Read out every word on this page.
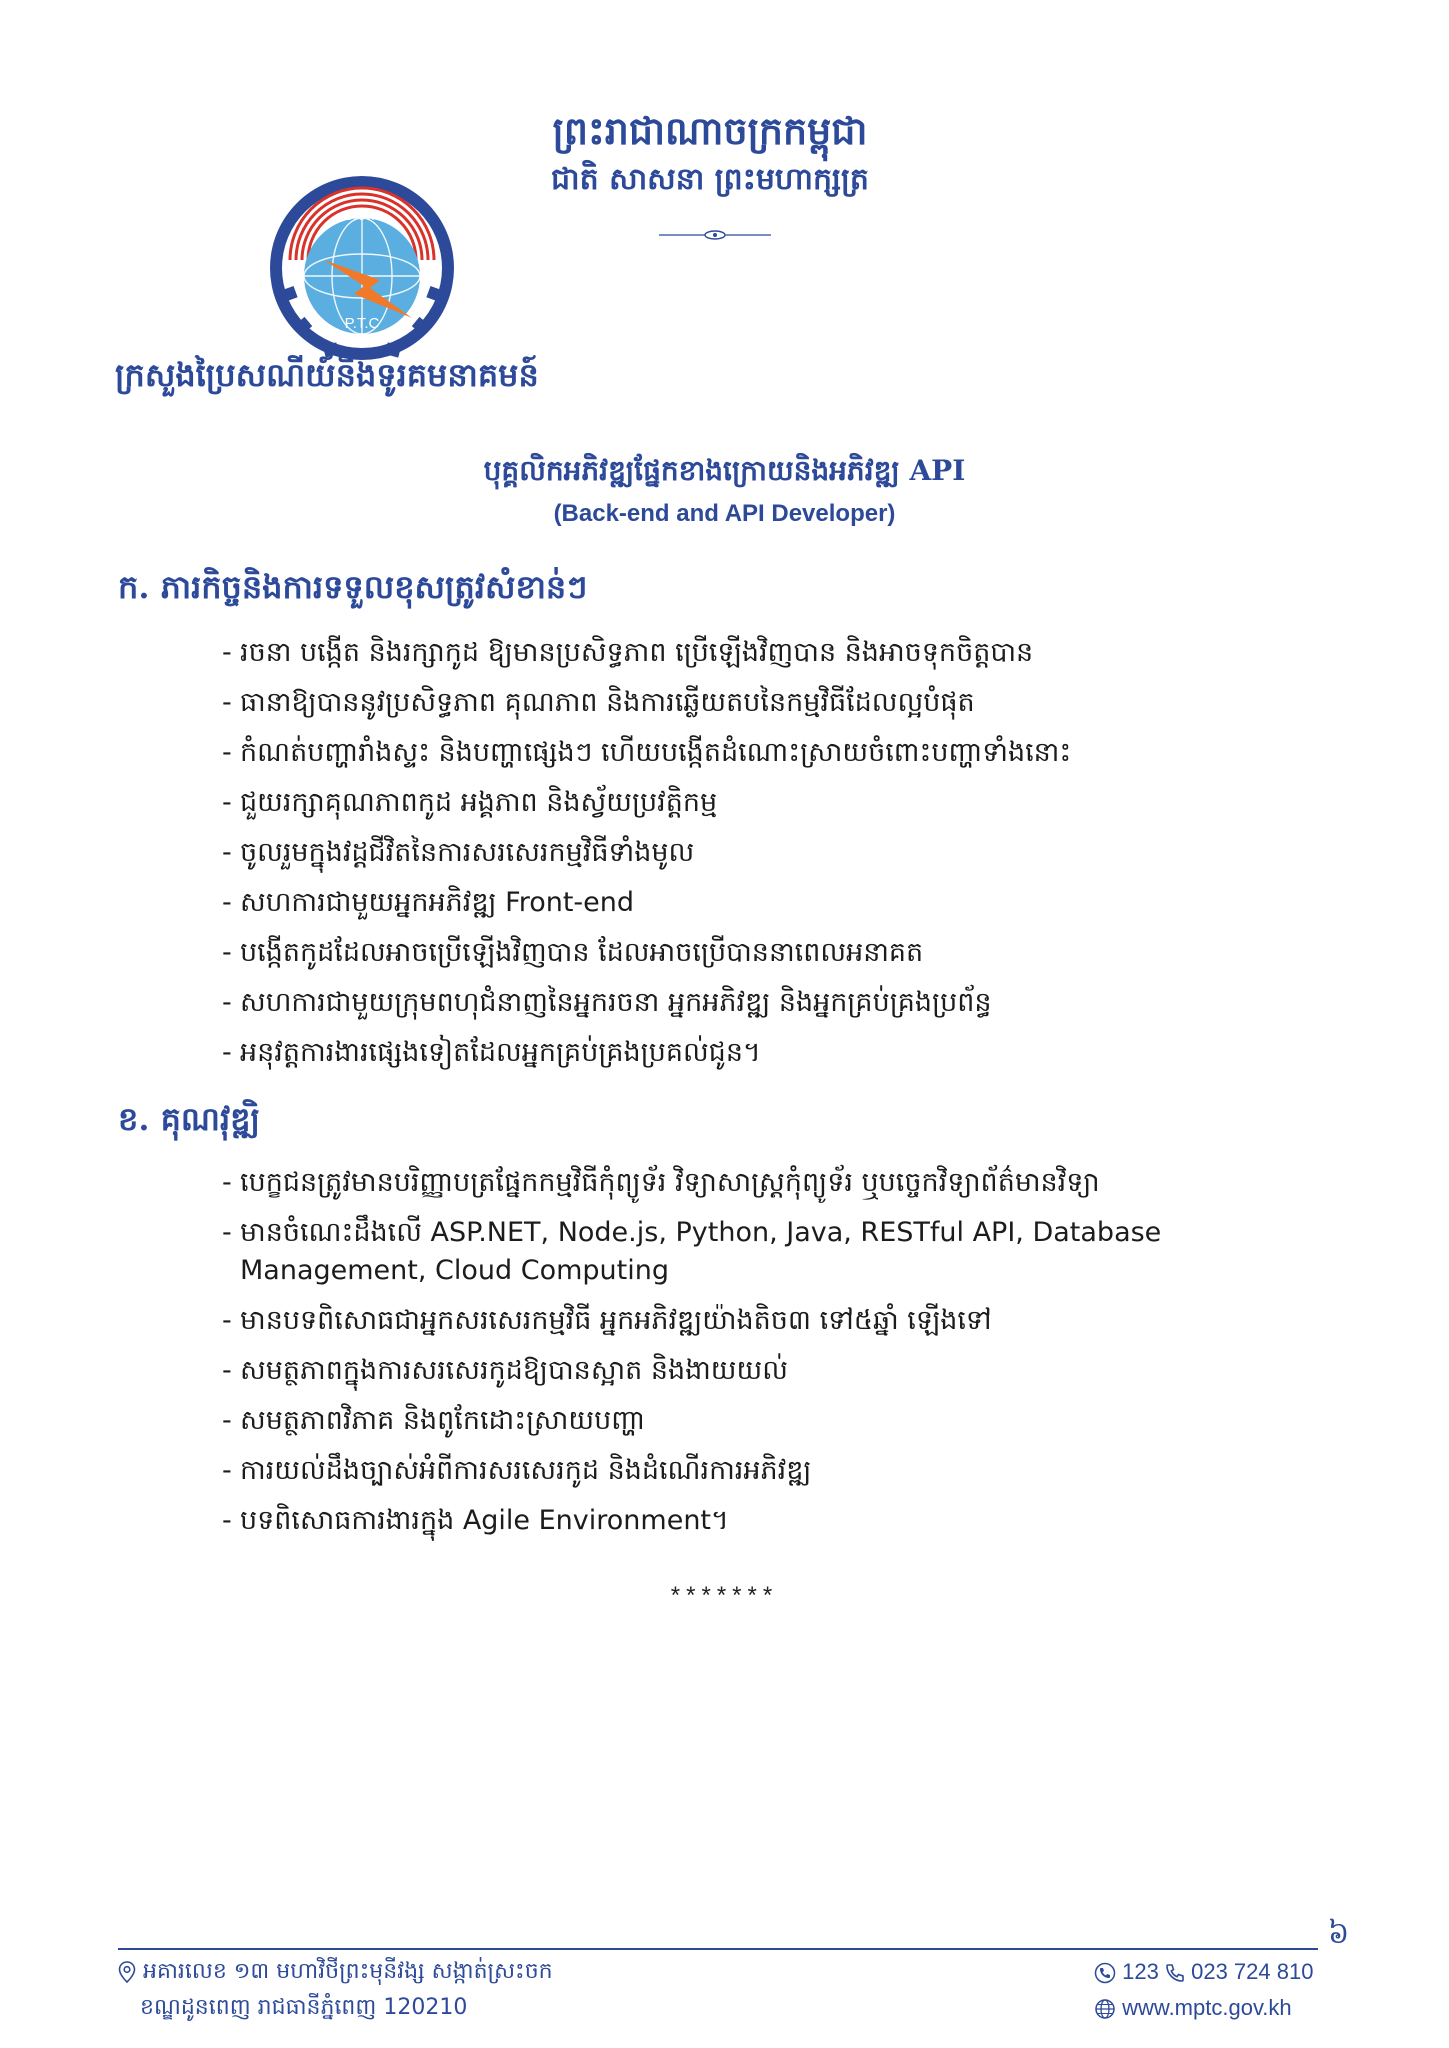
ព្រះរាជាណាចក្រកម្ពុជា
ជាតិ សាសនា ព្រះមហាក្សត្រ
ប.ទ.គ
P.T.C
ក្រសួងប្រៃសណីយ៍និងទូរគមនាគមន៍
បុគ្គលិកអភិវឌ្ឍផ្នែកខាងក្រោយនិងអភិវឌ្ឍ API
(Back-end and API Developer)
ក. ភារកិច្ចនិងការទទួលខុសត្រូវសំខាន់ៗ
- រចនា បង្កើត និងរក្សាកូដ ឱ្យមានប្រសិទ្ធភាព ប្រើឡើងវិញបាន និងអាចទុកចិត្តបាន
- ធានាឱ្យបាននូវប្រសិទ្ធភាព គុណភាព និងការឆ្លើយតបនៃកម្មវិធីដែលល្អបំផុត
- កំណត់បញ្ហារាំងស្ទះ និងបញ្ហាផ្សេងៗ ហើយបង្កើតដំណោះស្រាយចំពោះបញ្ហាទាំងនោះ
- ជួយរក្សាគុណភាពកូដ អង្គភាព និងស្វ័យប្រវត្តិកម្ម
- ចូលរួមក្នុងវដ្តជីវិតនៃការសរសេរកម្មវិធីទាំងមូល
- សហការជាមួយអ្នកអភិវឌ្ឍ Front-end
- បង្កើតកូដដែលអាចប្រើឡើងវិញបាន ដែលអាចប្រើបាននាពេលអនាគត
- សហការជាមួយក្រុមពហុជំនាញនៃអ្នករចនា អ្នកអភិវឌ្ឍ និងអ្នកគ្រប់គ្រងប្រព័ន្ធ
- អនុវត្តការងារផ្សេងទៀតដែលអ្នកគ្រប់គ្រងប្រគល់ជូន។
ខ. គុណវុឌ្ឍិ
- បេក្ខជនត្រូវមានបរិញ្ញាបត្រផ្នែកកម្មវិធីកុំព្យូទ័រ វិទ្យាសាស្ត្រកុំព្យូទ័រ ឬបច្ចេកវិទ្យាព័ត៌មានវិទ្យា
- មានចំណេះដឹងលើ ASP.NET, Node.js, Python, Java, RESTful API, Database Management, Cloud Computing
- មានបទពិសោធជាអ្នកសរសេរកម្មវិធី អ្នកអភិវឌ្ឍយ៉ាងតិច៣ ទៅ៥ឆ្នាំ ឡើងទៅ
- សមត្ថភាពក្នុងការសរសេរកូដឱ្យបានស្អាត និងងាយយល់
- សមត្ថភាពវិភាគ និងពូកែដោះស្រាយបញ្ហា
- ការយល់ដឹងច្បាស់អំពីការសរសេរកូដ និងដំណើរការអភិវឌ្ឍ
- បទពិសោធការងារក្នុង Agile Environment។
*******
៦
អគារលេខ ១៣ មហាវិថីព្រះមុនីវង្ស សង្កាត់ស្រះចក
ខណ្ឌដូនពេញ រាជធានីភ្នំពេញ 120210
123 023 724 810
www.mptc.gov.kh
